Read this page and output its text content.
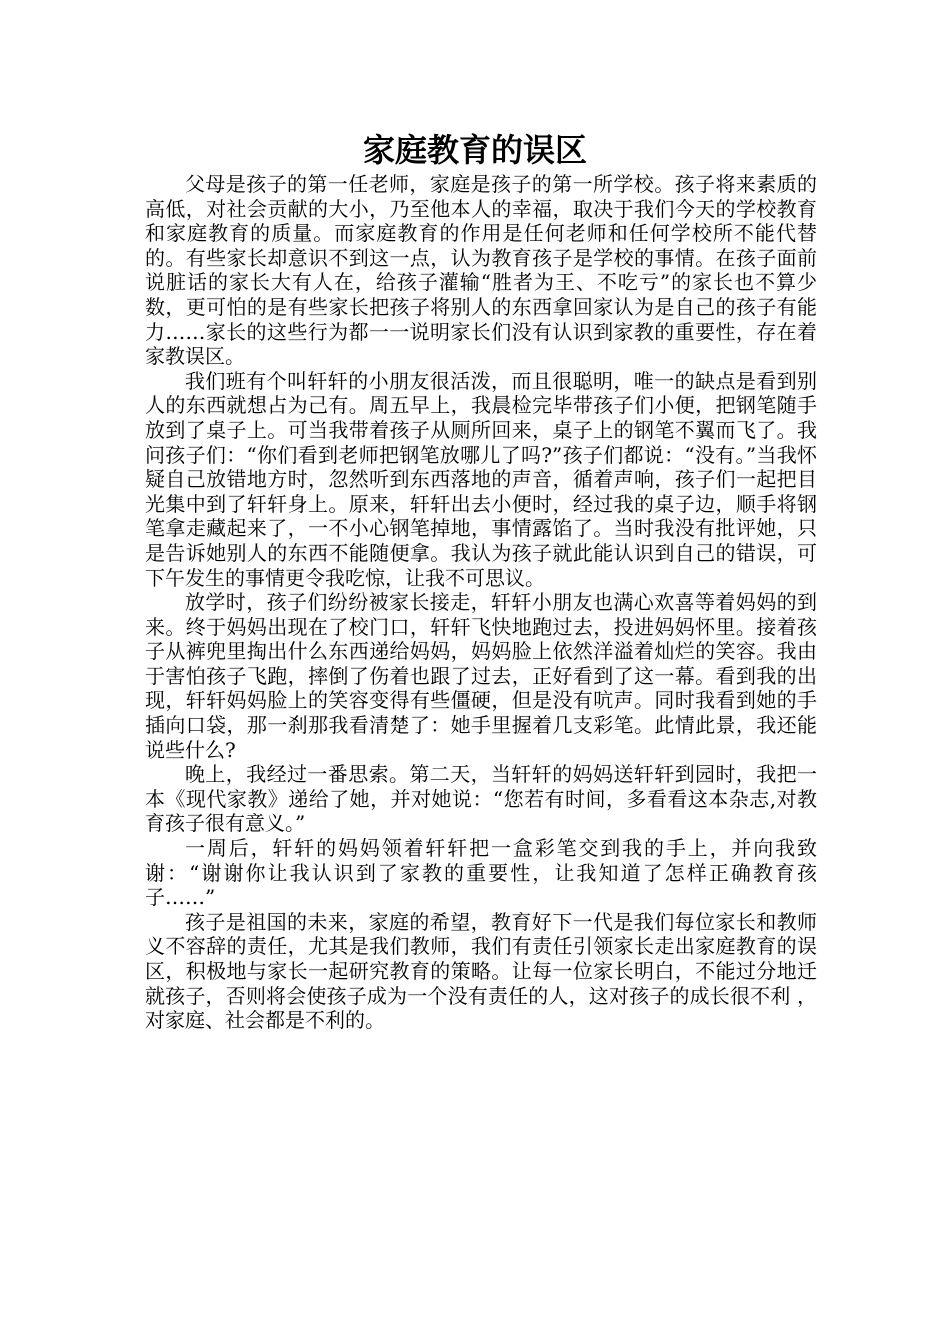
家庭教育的误区

父母是孩子的第一任老师，家庭是孩子的第一所学校。孩子将来素质的高低，对社会贡献的大小，乃至他本人的幸福，取决于我们今天的学校教育和家庭教育的质量。而家庭教育的作用是任何老师和任何学校所不能代替的。有些家长却意识不到这一点，认为教育孩子是学校的事情。在孩子面前说脏话的家长大有人在，给孩子灌输“胜者为王、不吃亏”的家长也不算少数，更可怕的是有些家长把孩子将别人的东西拿回家认为是自己的孩子有能力……家长的这些行为都一一说明家长们没有认识到家教的重要性，存在着家教误区。

我们班有个叫轩轩的小朋友很活泼，而且很聪明，唯一的缺点是看到别人的东西就想占为己有。周五早上，我晨检完毕带孩子们小便，把钢笔随手放到了桌子上。可当我带着孩子从厕所回来，桌子上的钢笔不翼而飞了。我问孩子们：“你们看到老师把钢笔放哪儿了吗?”孩子们都说：“没有。”当我怀疑自己放错地方时，忽然听到东西落地的声音，循着声响，孩子们一起把目光集中到了轩轩身上。原来，轩轩出去小便时，经过我的桌子边，顺手将钢笔拿走藏起来了，一不小心钢笔掉地，事情露馅了。当时我没有批评她，只是告诉她别人的东西不能随便拿。我认为孩子就此能认识到自己的错误，可下午发生的事情更令我吃惊，让我不可思议。

放学时，孩子们纷纷被家长接走，轩轩小朋友也满心欢喜等着妈妈的到来。终于妈妈出现在了校门口，轩轩飞快地跑过去，投进妈妈怀里。接着孩子从裤兜里掏出什么东西递给妈妈，妈妈脸上依然洋溢着灿烂的笑容。我由于害怕孩子飞跑，摔倒了伤着也跟了过去，正好看到了这一幕。看到我的出现，轩轩妈妈脸上的笑容变得有些僵硬，但是没有吭声。同时我看到她的手插向口袋，那一刹那我看清楚了：她手里握着几支彩笔。此情此景，我还能说些什么?

晚上，我经过一番思索。第二天，当轩轩的妈妈送轩轩到园时，我把一本《现代家教》递给了她，并对她说：“您若有时间，多看看这本杂志,对教育孩子很有意义。”

一周后，轩轩的妈妈领着轩轩把一盒彩笔交到我的手上，并向我致谢：“谢谢你让我认识到了家教的重要性，让我知道了怎样正确教育孩子……”

孩子是祖国的未来，家庭的希望，教育好下一代是我们每位家长和教师义不容辞的责任，尤其是我们教师，我们有责任引领家长走出家庭教育的误区，积极地与家长一起研究教育的策略。让每一位家长明白，不能过分地迁就孩子，否则将会使孩子成为一个没有责任的人，这对孩子的成长很不利 ，对家庭、社会都是不利的。
